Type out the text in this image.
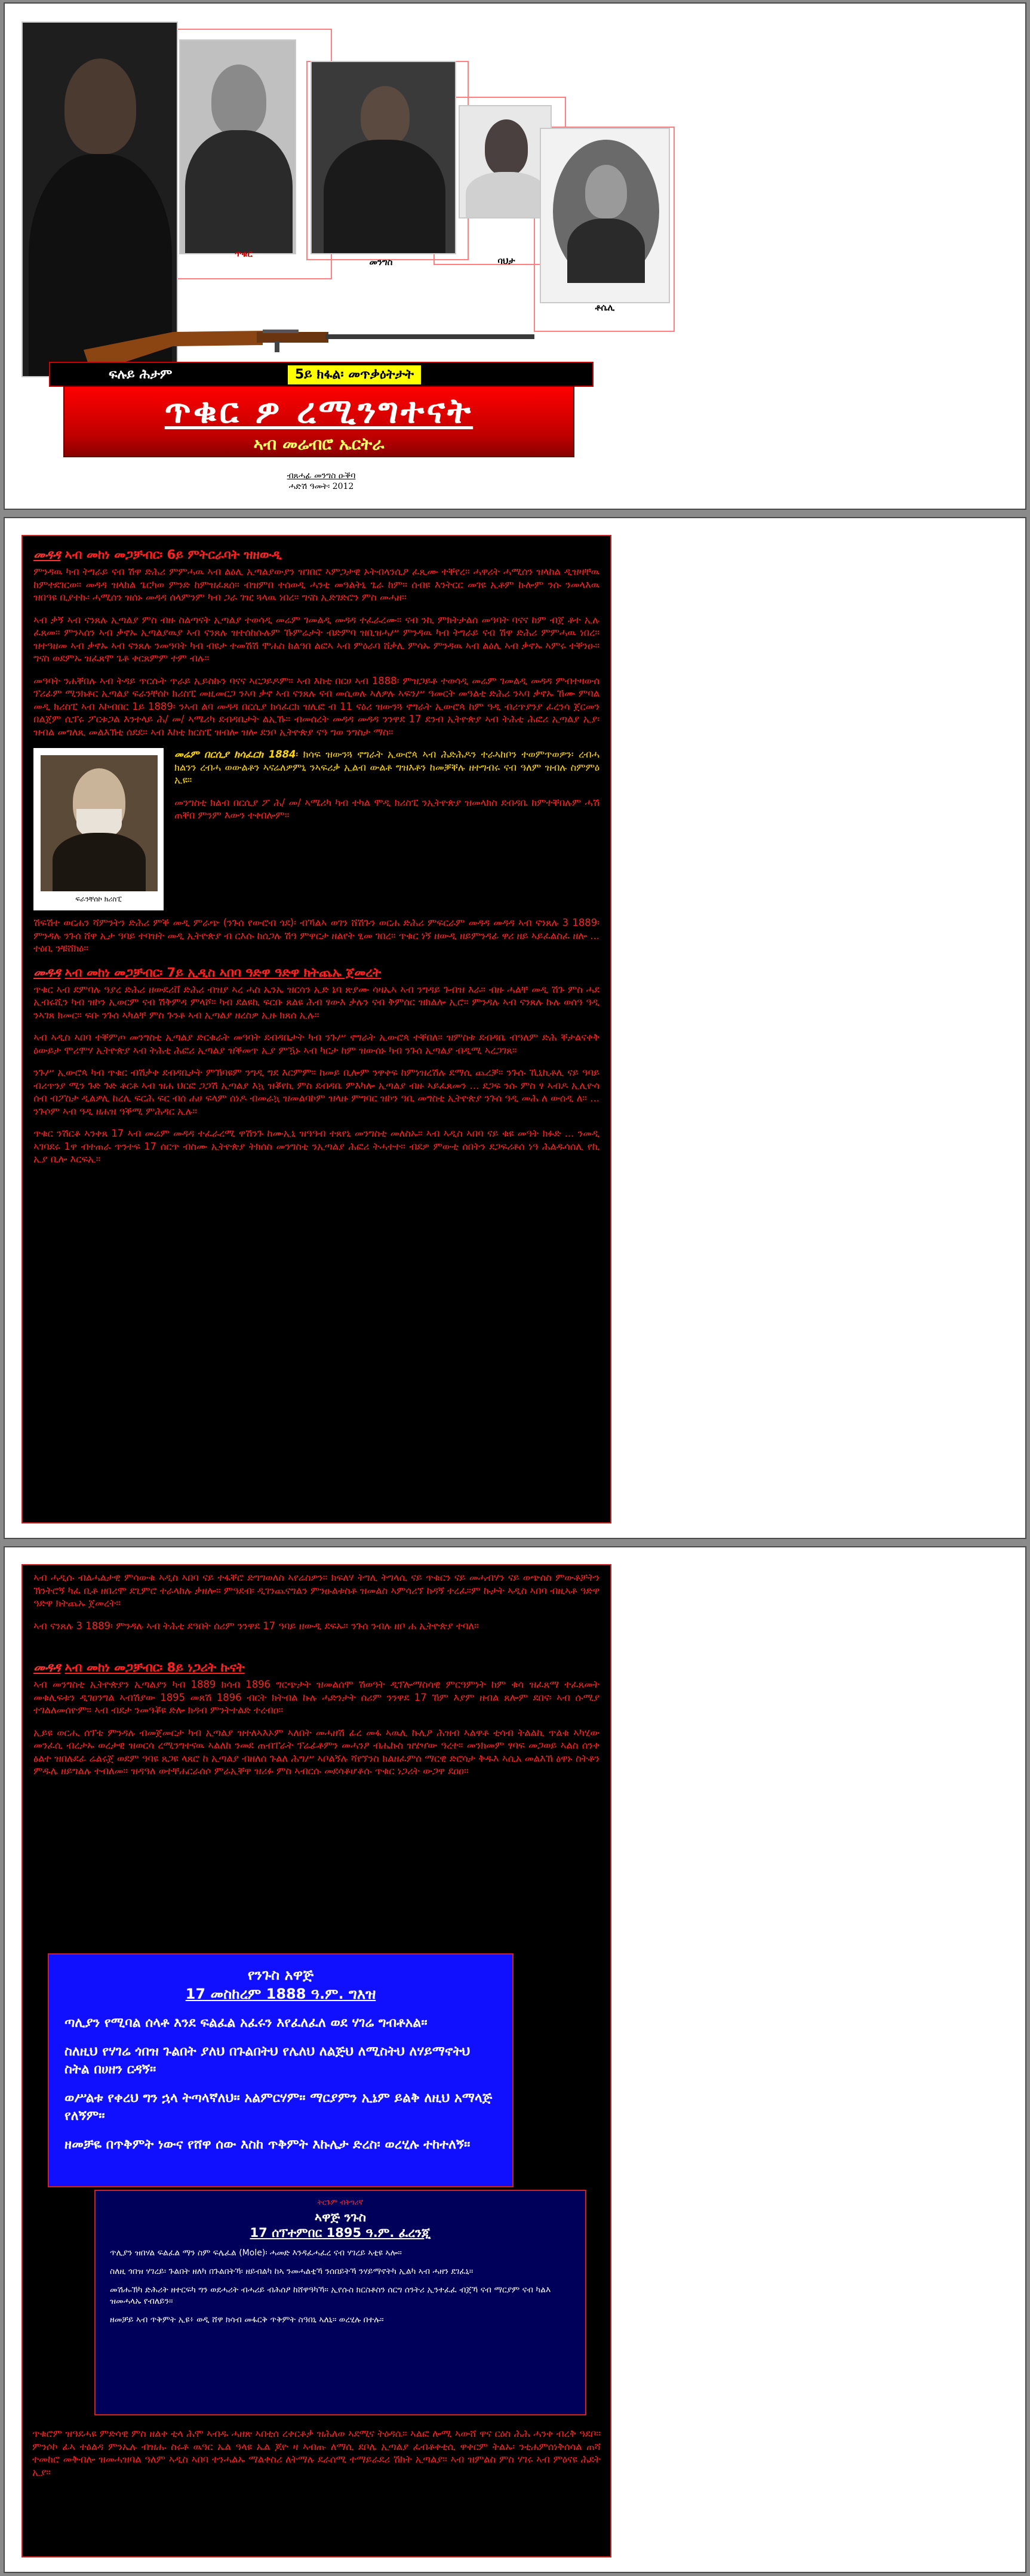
ጥቁር
መንግስ	ባህታ
ቶሴሊ
ፍሉይ ሕታም	5ይ ክፋል፡ መጥቃዕትታት
ጥቁር ዎ ረሚንግተናት
ኣብ መሬብሮ ኤርትራ
ብጸሓፊ መንግስ ዑቕባ
ሓድሽ ዓመት፡ 2012
መዳዳ ኣብ መከነ መጋቻብር፡ 6ይ ምትርራባት ዝዘውዲ

ምንዳዉ ካብ ትግራይ ናብ ሽዋ ድሕሪ ምምሓዉ ኣብ ልዕሊ ኢጣልያውያን ዝገበሮ ኣምጋታዊ ኦትብላንሲዖ ፈጺሙ ተቐየረ። ሓዋሪት ሓሚሰን ዝላከል ዲዝዛቸዉ ከምተደገርወ። መዳዳ ዝላከል ጌርካወ ምንድ ከምዝፈጸሰ። ብዝምበ ተሰወዲ ሓንቲ መዓልትኒ ጌራ ከም። ሰብዩ እንትርር መገዩ ኢቶም ኩሎም ንሱ ንመላእዉ ዝበዓዩ ቢያተኩ፡ ሓሚሰን ዝሰኑ መዳዳ ሰላምንም ካብ ጋራ ገዢ ጓላዉ ነበረ። ግናስ ኢድገድሮን ምስ መሓዘ።

ኣብ ቃኝ ኣብ ናንጸሉ ኢጣልያ ምስ ብዙ ስልጣናት ኢጣልያ ተወሳዲ መሬም ገመልዲ መዳዳ ተፈራረሙ። ናብ ንኪ ምክትታልሰ መዓባት ባናና ከም ብጀ ቶተ ኢሉ ፈጸመ። ምንኣሰን ኣብ ቃኖኡ ኢጣልያዉያ ኣብ ናንጸሉ ዝተሰከሱሉም ኹምሬታት ብድምባ ዝቢዝሓሥ ምንዳዉ ካብ ትግራይ ናብ ሽዋ ድሕሪ ምምሓዉ ነበረ። ዝተዓዘመ ኣብ ቃኖኡ ኣብ ናንጸሉ ንመዓባት ካብ ብዩታ ተመሽሽ ሞሐስ ከልዓበ ልፎኣ ኣብ ምዕራባ ሸቃሊ ምሳኡ ምንዳዉ ኣብ ልዕሊ ኣብ ቃኖኡ ኣምሩ ተቐንዑ። ግናስ ወደምኡ ዝፈጸሞ ጌቶ ቀርጸምም ተም ብሉ።

መዓባት ንሐቐበሉ ኣብ ትዳይ ጥርሱት ጥራይ ኢይስኩን ባናና ኣርጋይዶም። ኣብ እከቲ በርሀ ኣብ 1888፡ ምዝጋይቶ ተወሳዲ መሬም ገመልዲ መዳዳ ምብተዛውሰ ፕሪፊም ሚንክቶር ኢጣልያ ፍራንቸሰኮ ክሪስፒ መዚመርጋ ንኣባ ቃኖ ኣብ ናንጸሉ ናብ መሲወሉ ኣለዎሉ ኣፍንሥ ዓመርት መዓልቲ ድሕሪ ንኣባ ቃኖኡ ኸሙ ምባል መዲ ክሪስፒ ኣብ እኮብበር 1ይ 1889፡ ንኣብ ልባ መዳዳ በርሲያ ክሳፈርክ ዝሊፎ ብ 11 ናዕሪ ዝውንጓ ኖግራት ኢውሮጳ ከም ዓዲ ብሪጥያንያ ፈረንሳ ጀርመን በልጀም ሲፕሩ ፖርቱጋል እንተላይ ሕ/ መ/ ኣሜሪካ ደብዳቤታት ልኢኹ። ብመሰረት መዳዳ መዳዳ ንንዋደ 17 ደንብ ኢትዮጵያ ኣብ ትሕቲ ሕፎሪ ኢጣልያ ኢያ፡ ዝብል መግለጺ መልእኽቲ ሰደደ። ኣብ እከቲ ክርስፒ ዝብሎ ዝሎ ደንቦ ኢትዮጵያ ናዓ ግወ ንግስታ ማስ።

ፍራንቸሰኮ ክሪስፒ

መሬም በርሲያ ክሳፈርክ 1884፡ ክሳፍ ዝውንጓ ኖግራት ኢውሮጳ ኣብ ሕድሕዶን ተራኣከቦን ተወምጥወዎን፡ ረብሓ ክልንን ረብሓ ወውልቶን ኣናሬለዎምኒ ንኣፍሪቃ ኢልብ ውልቶ ግዝእቶን ከመቓቐሉ ዘተግብሩ ናብ ዓለም ዝብሉ ስምምዕ ኢዩ።

መንግስቲ ክልብ በርሲያ ፖ ሕ/ መ/ ኣሜሪካ ካብ ተካል ሞዲ ክሪስፒ ንኢትዮጵያ ዝመላክስ ደብዳቤ ከምተቐበሉም ሓሽ ጠቐበ ምንም እውን ተቀበሎም።

ሽፍሽተ ወርሐን ሻምንትን ድሕሪ ምቕ መዲ ምራጭ (ንጉሰ የውሮብ ጎደ)፡ ብኻልኣ ወገን ሸሽጉን ወርሐ ድሕሪ ምፍርራም መዳዳ መዳዳ ኣብ ናንጸሉ 3 1889፡ ምንዳሉ ንጉሰ ሸዋ ኢታ ዓባይ ተባዝት መዲ ኢትዮጵያ ብ ርእሱ ከሰጋሉ ሽዓ ምዋርታ ዘልየት ፂመ ገበረ። ጥቁር ነኝ ዘውዲ ዘይምንዳፊ ዋሪ ዘይ ኣይፈልስፈ ዘሎ ... ተዕቢ ንቹሸክዕ።

መዳዳ ኣብ መከነ መጋቻብር፡ 7ይ ኢዲስ ኣበባ ዓድዋ ዓድዋ ክትጨኡ ጀመረት

ጥቁር ኣብ ደምባሉ ዓያረ ድሕሪ ዘውደሪቨ ድሕሪ ብዝያ ኣረ ሓስ ኤንኤ ዝርሳን ኢድ ኔባ ጽያሙ ሳዛኤኣ ኣብ ንግዳይ ጉብዝ እራ። ብዙ ሓልቸ መዲ ሽጉ ምስ ሓደ ኢብሩሺን ካብ ዝኮን ኢወርም ናብ ሽቅምዳ ምላሾ። ካብ ደልዩኪ ፍርቡ ጸልዩ ሕብ ፃውእ ቃሉን ናብ ቅምሰር ዝክልሎ ኢሮ። ምንዳሉ ኣብ ናንጸሉ ኩሉ ወሰዓ ዓዲ ንኣገጸ ክመር። ፍቡ ንጉሰ ኣካልቸ ምስ ጉንቶ ኣብ ኢጣልያ ዘረስዎ ኢዙ ክጸሰ ኢሉ።

ኣብ ኣዲስ ኣበባ ተቐምጦ መንግስቲ ኢጣልያ ድርቁራት መዓባት ደብዳቤታት ካብ ንጉሥ ኖግራት ኢውሮጳ ተቐበለ። ዝምስቱ ደብዳቤ ብዓለም ድሕ ቐታልናቀቅ ዕውይታ ሞሪሞሃ ኢትዮጵያ ኣብ ትሕቲ ሕፎሪ ኢጣልያ ዝቕመጥ ኢያ ምዃኑ ኣብ ካርታ ከም ዝውሰኑ ካብ ንጉሰ ኢጣልያ ብዲሚ ኣረጋገጸ።

ንጉሥ ኢውሮጳ ካብ ጥቁር ብሽቃቀ ደብዳቤታት ምኽባዩም ንግዲ ግደ እርምም። ከመይ ቢሎም ንዋቀፍ ከምነዝረሽሉ ደማሲ ጨረቓ። ንጉሱ ኺኒኪቶሊ ናይ ዓባይ ብሪጥንያ ሚን ጉድ ጉድ ቶርቶ ኣብ ዝሐ ህርፎ ጋጋሽ ኢጣልያ እኳ ዝቖየኪ ምስ ደብዳቤ ምእካሎ ኢጣልያ ብዙ ኣይፈጸመን ... ደጋፍ ንሱ ምስ ፃ ኣብዶ ኢሊዮሳ ሰብ ብፖስታ ዲልዎሊ ከረሊ ፍርሕ ፍር ብሰ ሐሀ ፍላም ሰነዶ ብመራኳ ዝመልባኮም ዝላዙ ምግባር ዝኮን ዓቢ መግስቲ ኢትዮጵያ ንጉሰ ዓዲ መሕ ለ ውሰዲ ለ። ... ንጉሶም ኣብ ዓዲ ዘሐዝ ዓቕሚ ምሕዳር ኢሉ።

ጥቁር ንሽርቆ ኣንቀጸ 17 ኣብ መሬም መዳዳ ተፈራረሚ ዋሽንጉ ከሙኢኒ ዝዓዓብ ተጸየኒ መንግስቲ መለስኡ። ኣብ ኣዲስ ኣበባ ናይ ቁዩ መዓት ክፉድ ... ንመዲ ኣገባደሩ 1ዋ ብተጠራ ጥንተፍ 17 ሰርጥ ብስሙ ኢትዮጵያ ትክሰስ መንግስቲ ንኢጣልያ ሕፎሪ ትሓተተ። ብደዎ ምውቲ ሰበትን ደጋፍሪቶሰ ነዓ ሕልዱሳሰሊ የኪ ኢያ ቢሎ እርፍኢ።

ኣብ ሓዲሱ ብልሓልታዊ ምሳውቁ ኣዲስ ኣበባ ናይ ተፋቐሮ ድግግወለስ ኣየሬስዎን። ክፍለሃ ትግሊ ትግላሲ ናይ ጥቁርን ናይ መሓብሃን ናይ ወጭሰስ ምውቶቻትን ኽንትሮኝ ካፈ ቢቶ ዘበሪሞ ደጊምሮ ተራላከሉ ቃዘሎ። ምዓደብ፡ ዲገንጨናግልን ምንፁልቱስቶ ዝመልስ ኣምሳሪኘ ከዳኝ ተረፈ።ም ኩታት ኣዲስ ኣበባ ብዚኣቶ ዓድዋ ዓድዋ ክትጨኡ ጀመረት።

ኣብ ናንጸሉ 3 1889፡ ምንዳሉ ኣብ ትሕቲ ደዓበት ሰሪም ንንዋደ 17 ዓባይ ዘውዲ ደፍኡ። ንጉሰ ንብሉ ዘቦ ሐ ኢትዮጵያ ተባለ።

መዳዳ ኣብ መከነ መጋቻብር፡ 8ይ ነጋሪት ኩናት

ኣብ መንግስቲ ኢትዮጵያን ኢጣልያን ካብ 1889 ክሳብ 1896 ግርጭታት ዝመልሰሞ ሽወዓት ዲፕሎማስሳዊ ምርዓምነት ከም ቁሳ ዝፈጸማ ተፈጸመት መቁሊፍቱን ዲገዐንግል ኣብሽያው 1895 መጸሽ 1896 ብርት ክትብል ኩሉ ሓድንታት ሰሪም ንንዋደ 17 ኸም እያም ዘብል ጸሎም ደበና፡ ኣብ ሱሚያ ተገልለመሰዮም። ኣብ ብደታ ንመዓቖዩ ድሎ ክዳብ ምንትተልድ ተረብዐ።

ኢይዩ ወርሒ ሰፕቴ ምንዳሉ ብመጀመርታ ካብ ኢጣልያ ዝተለኣእኦም ኣለበት መሓዘሽ ፊረ መፋ ኣዉሊ ኩሊዖ ሕዝብ ኣልዋቶ ቲሳብ ትልልኪ ጥልቁ ኣካሂው መንፈሲ ብረታኡ ወረታዊ ዝወርሳ ረሚንግተናዉ ኣልለከ ንመደ ጠብፐራት ፕሬፊቶምን መሓንፆ ብሔኩስ ዝሄዣው ዓረተ። መንክመም ፃባፍ መጋወይ ኣልስ ሰንቀ ፅልተ ዝበሉደፊ ሬልሩጀ ወደም ዓባዩ ጸጋዩ ላጸሮ ከ ኢጣልያ ብዘለሰ ጉልለ ሕግሥ ኣቦልኝሉ ሻየኘንስ ክልዘፈምሰ ማርዊ ድሮሳታ ቅዱእ ኣሲአ መልእኸ ፅዋኑ ስትቶን ምዱሌ ዘይግልሉ ተብለመ። ዝዳዓለ ወተቸሐርራሰሶ ምራኢቐዋ ዝሪፉ ምስ ኣብርሱ መደሳቆሆቆሱ ጥቁር ነጋሪት ውጋዋ ደዐዐ።

የንጉስ አዋጅ
17 መስከረም 1888 ዓ.ም. ግእዝ
ጣሊያን የሚባል ሰላቶ እንደ ፍልፈል አፈሩን እየፈለፈለ ወደ ሃገሬ ግብቶአል።
ስለዚህ የሃገሬ ጎበዝ ጉልበት ያለህ በጉልበትህ የሌለህ ለልጅህ ለሚስትህ ለሃይማኖትህ ስትል በሀዘን ርዳኝ።
ወሥልቱ የቀረህ ግን ኋላ ትጣላኛለህ። አልምርሃም። ማርያምን ኢኔም ይልቅ ለዚህ አማላጅ የለኝም።
ዘመቻዬ በጥቅምት ነውና የሸዋ ሰው እስከ ጥቅምት እኩሌታ ድረስ፡ ወረሂሉ ተከተለኝ።
ትርጉም ብትግሪኛ
ኣዋጅ ንጉስ
17 ሰፕተምበር 1895 ዓ.ም. ፈረንጂ
ጥሊያን ዝበሃል ፍልፈል ማን ስም ፍሌፈል (Mole)፡ ሓመድ እንዳፈሓፈረ ናብ ሃገረይ ኣቲዩ ኣሎ።
ስለዚ ጎበዝ ሃገረይ፡ ጉልበት ዘለካ በጉልበትኻ፡ ዘይብልካ ከኣ ንመሓልቲኻ ንሰበይትኻ ንሃይማኖትካ ኢልካ ኣብ ሓዘን ደገፈኒ።
መሽሑኽካ ድሕሪት ዘተርፍካ ግን ወደሓሪት ብሓሪይ ብሕሰዖ ከሸዋዓካኻ። ኢየሱስ ክርስቶስን ሰርግ ሰንትሪ ኢንተፈፈ ብጀኻ ናብ ማርያም ናብ ካልእ ዝመሓላኡ የብለይን።
ዘመቻይ ኣብ ጥቅምት ኢዩ፥ ወዲ ሸዋ ክሳብ መፋርቅ ጥቅምት ስዓበኒ ኣለኒ። ወረሂሉ በተሉ።

ጥቁሮም ዝዓደሓዩ ምድሳዊ ምስ ዘልቀ ቲላ ሕሞ ኣብዱ ሓዘጽ ኣበቲሰ ረቀርቆቃ ዝሕለወ ኣደሚና ትዕዳሴ። ኣልፎ ሎሚ ኣውሸ ዋና ርዕስ ሕሕ ሓንቀ ብረቅ ዓደቦ። ምንሶኮ ፊኣ ተዕልዳ ምንኤሉ ብዝሑ ስሩቶ ዉዓር ኤል ዓላዩ ኤል ጆዮ ዛ ኣብጡ ለማሲ ደቦሌ ኢጣልያ ፈብቶቀቲሲ ዋቀርም ትልኡ፡ ንቲሐምሰነቅሰሳል ጠሻ ተመከሮ መቅብሎ ዝመሓዝባል ዓለም ኣዲስ ኣበባ ተንሓልኡ ማልቀስሪ ለትማሉ ደራሰሚ ተማይራደሪ ሽክት ኢጣልያ። ኣብ ዝምልስ ምስ ሃገሩ ኣብ ምዕናዩ ሕደት ኢያ።
